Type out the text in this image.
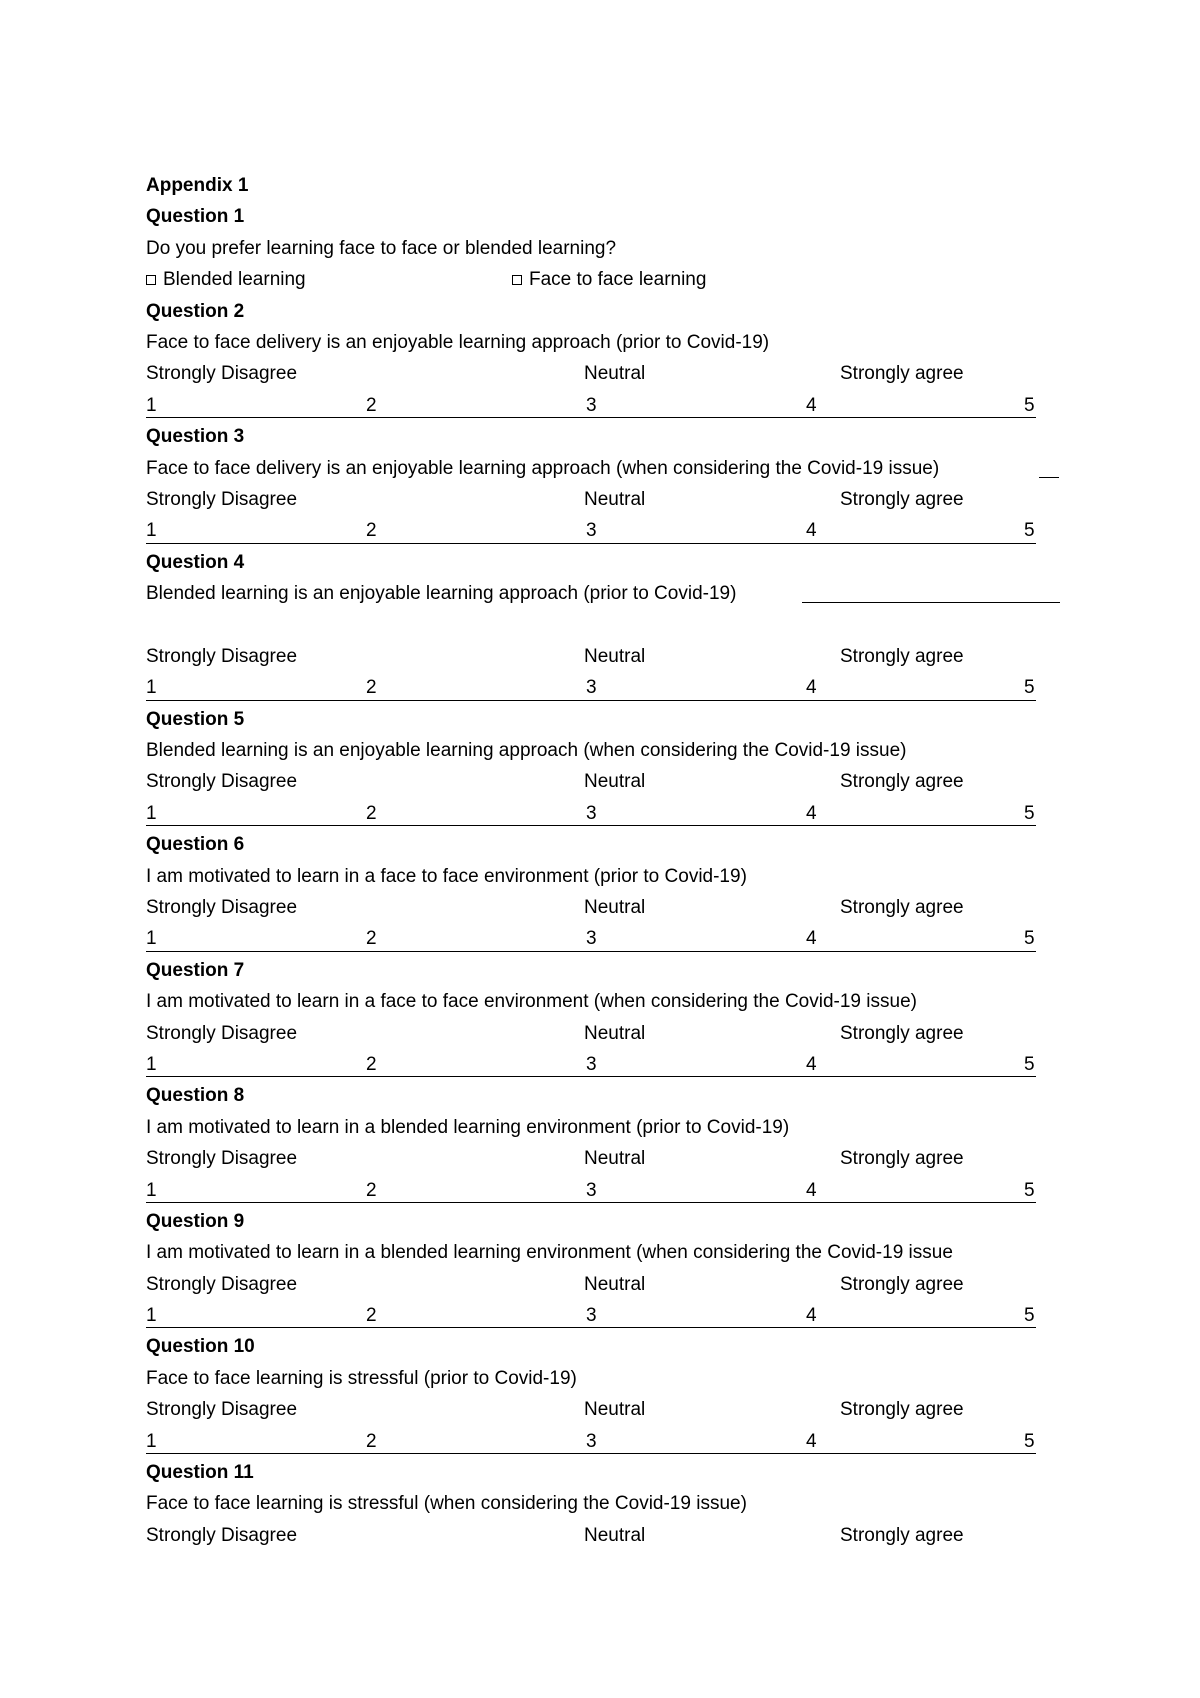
Appendix 1
Question 1
Do you prefer learning face to face or blended learning?
Blended learning	Face to face learning
Question 2
Face to face delivery is an enjoyable learning approach (prior to Covid-19)
Strongly Disagree	Neutral	Strongly agree
1	2	3	4	5
Question 3
Face to face delivery is an enjoyable learning approach (when considering the Covid-19 issue)
Strongly Disagree	Neutral	Strongly agree
1	2	3	4	5
Question 4
Blended learning is an enjoyable learning approach (prior to Covid-19)
Strongly Disagree	Neutral	Strongly agree
1	2	3	4	5
Question 5
Blended learning is an enjoyable learning approach (when considering the Covid-19 issue)
Strongly Disagree	Neutral	Strongly agree
1	2	3	4	5
Question 6
I am motivated to learn in a face to face environment (prior to Covid-19)
Strongly Disagree	Neutral	Strongly agree
1	2	3	4	5
Question 7
I am motivated to learn in a face to face environment (when considering the Covid-19 issue)
Strongly Disagree	Neutral	Strongly agree
1	2	3	4	5
Question 8
I am motivated to learn in a blended learning environment (prior to Covid-19)
Strongly Disagree	Neutral	Strongly agree
1	2	3	4	5
Question 9
I am motivated to learn in a blended learning environment (when considering the Covid-19 issue
Strongly Disagree	Neutral	Strongly agree
1	2	3	4	5
Question 10
Face to face learning is stressful (prior to Covid-19)
Strongly Disagree	Neutral	Strongly agree
1	2	3	4	5
Question 11
Face to face learning is stressful (when considering the Covid-19 issue)
Strongly Disagree	Neutral	Strongly agree
